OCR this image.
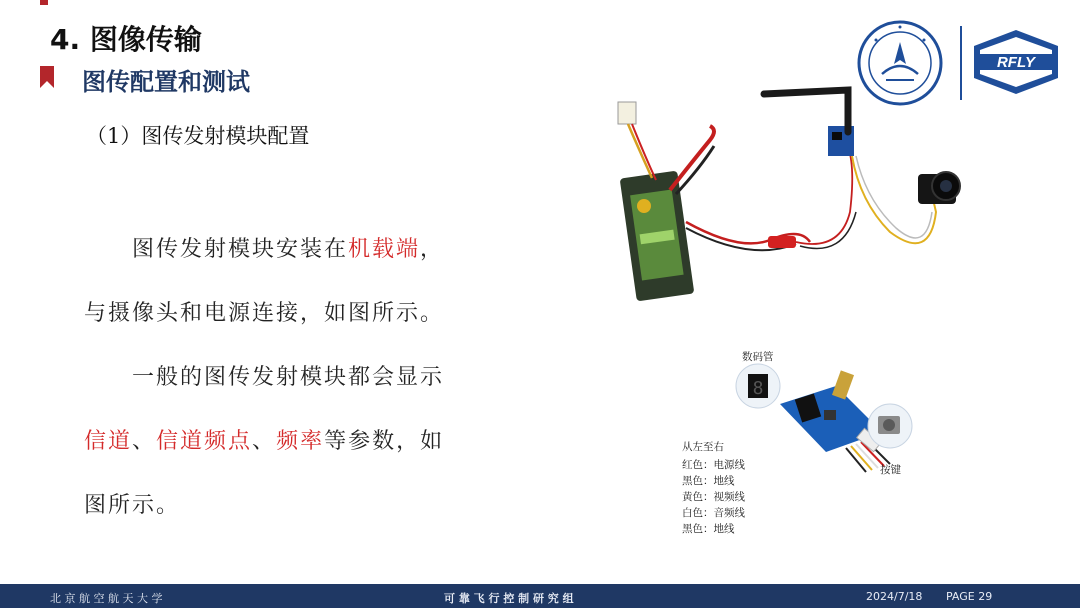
4. 图像传输
图传配置和测试
（1）图传发射模块配置
图传发射模块安装在机载端，
与摄像头和电源连接，如图所示。
一般的图传发射模块都会显示
信道、信道频点、频率等参数，如
图所示。
RFLY
数码管
8
按键
从左至右
红色：电源线
黑色：地线
黄色：视频线
白色：音频线
黑色：地线
北 京 航 空 航 天 大 学	可 靠 飞 行 控 制 研 究 组	2024/7/18 PAGE 29
